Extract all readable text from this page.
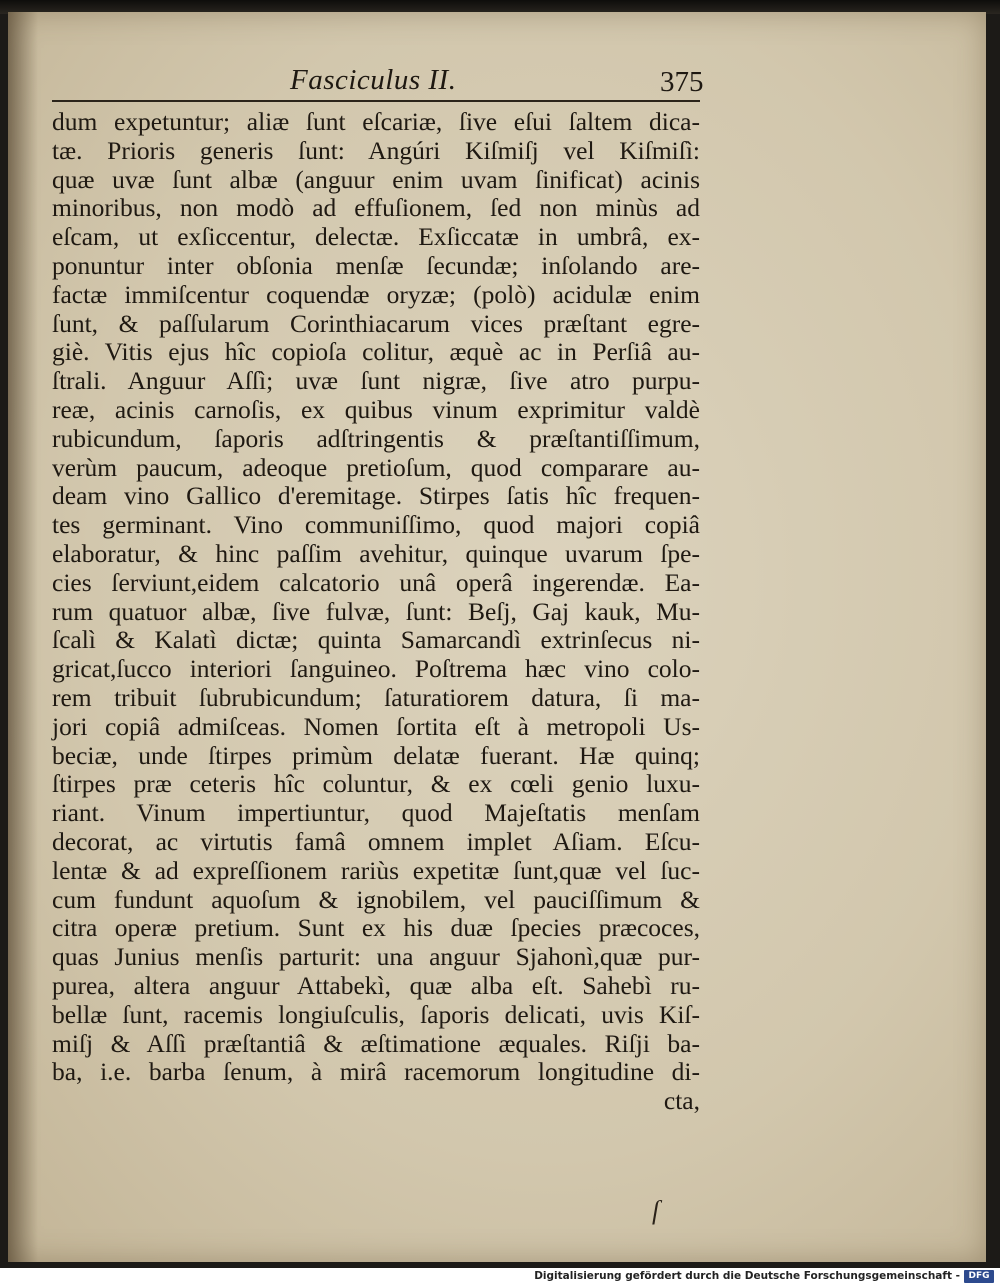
Fasciculus II.	375
dum expetuntur; aliæ ſunt eſcariæ, ſive eſui ſaltem dica-
tæ. Prioris generis ſunt: Angúri Kiſmiſj vel Kiſmiſì:
quæ uvæ ſunt albæ (anguur enim uvam ſinificat) acinis
minoribus, non modò ad effuſionem, ſed non minùs ad
eſcam, ut exſiccentur, delectæ. Exſiccatæ in umbrâ, ex-
ponuntur inter obſonia menſæ ſecundæ; inſolando are-
factæ immiſcentur coquendæ oryzæ; (polò) acidulæ enim
ſunt, & paſſularum Corinthiacarum vices præſtant egre-
giè. Vitis ejus hîc copioſa colitur, æquè ac in Perſiâ au-
ſtrali. Anguur Aſſì; uvæ ſunt nigræ, ſive atro purpu-
reæ, acinis carnoſis, ex quibus vinum exprimitur valdè
rubicundum, ſaporis adſtringentis & præſtantiſſimum,
verùm paucum, adeoque pretioſum, quod comparare au-
deam vino Gallico d'eremitage. Stirpes ſatis hîc frequen-
tes germinant. Vino communiſſimo, quod majori copiâ
elaboratur, & hinc paſſim avehitur, quinque uvarum ſpe-
cies ſerviunt,eidem calcatorio unâ operâ ingerendæ. Ea-
rum quatuor albæ, ſive fulvæ, ſunt: Beſj, Gaj kauk, Mu-
ſcalì & Kalatì dictæ; quinta Samarcandì extrinſecus ni-
gricat,ſucco interiori ſanguineo. Poſtrema hæc vino colo-
rem tribuit ſubrubicundum; ſaturatiorem datura, ſi ma-
jori copiâ admiſceas. Nomen ſortita eſt à metropoli Us-
beciæ, unde ſtirpes primùm delatæ fuerant. Hæ quinq;
ſtirpes præ ceteris hîc coluntur, & ex cœli genio luxu-
riant. Vinum impertiuntur, quod Majeſtatis menſam
decorat, ac virtutis famâ omnem implet Aſiam. Eſcu-
lentæ & ad expreſſionem rariùs expetitæ ſunt,quæ vel ſuc-
cum fundunt aquoſum & ignobilem, vel pauciſſimum &
citra operæ pretium. Sunt ex his duæ ſpecies præcoces,
quas Junius menſis parturit: una anguur Sjahonì,quæ pur-
purea, altera anguur Attabekì, quæ alba eſt. Sahebì ru-
bellæ ſunt, racemis longiuſculis, ſaporis delicati, uvis Kiſ-
miſj & Aſſì præſtantiâ & æſtimatione æquales. Riſji ba-
ba, i.e. barba ſenum, à mirâ racemorum longitudine di-
cta,
ſ
Digitalisierung gefördert durch die Deutsche Forschungsgemeinschaft - DFG
